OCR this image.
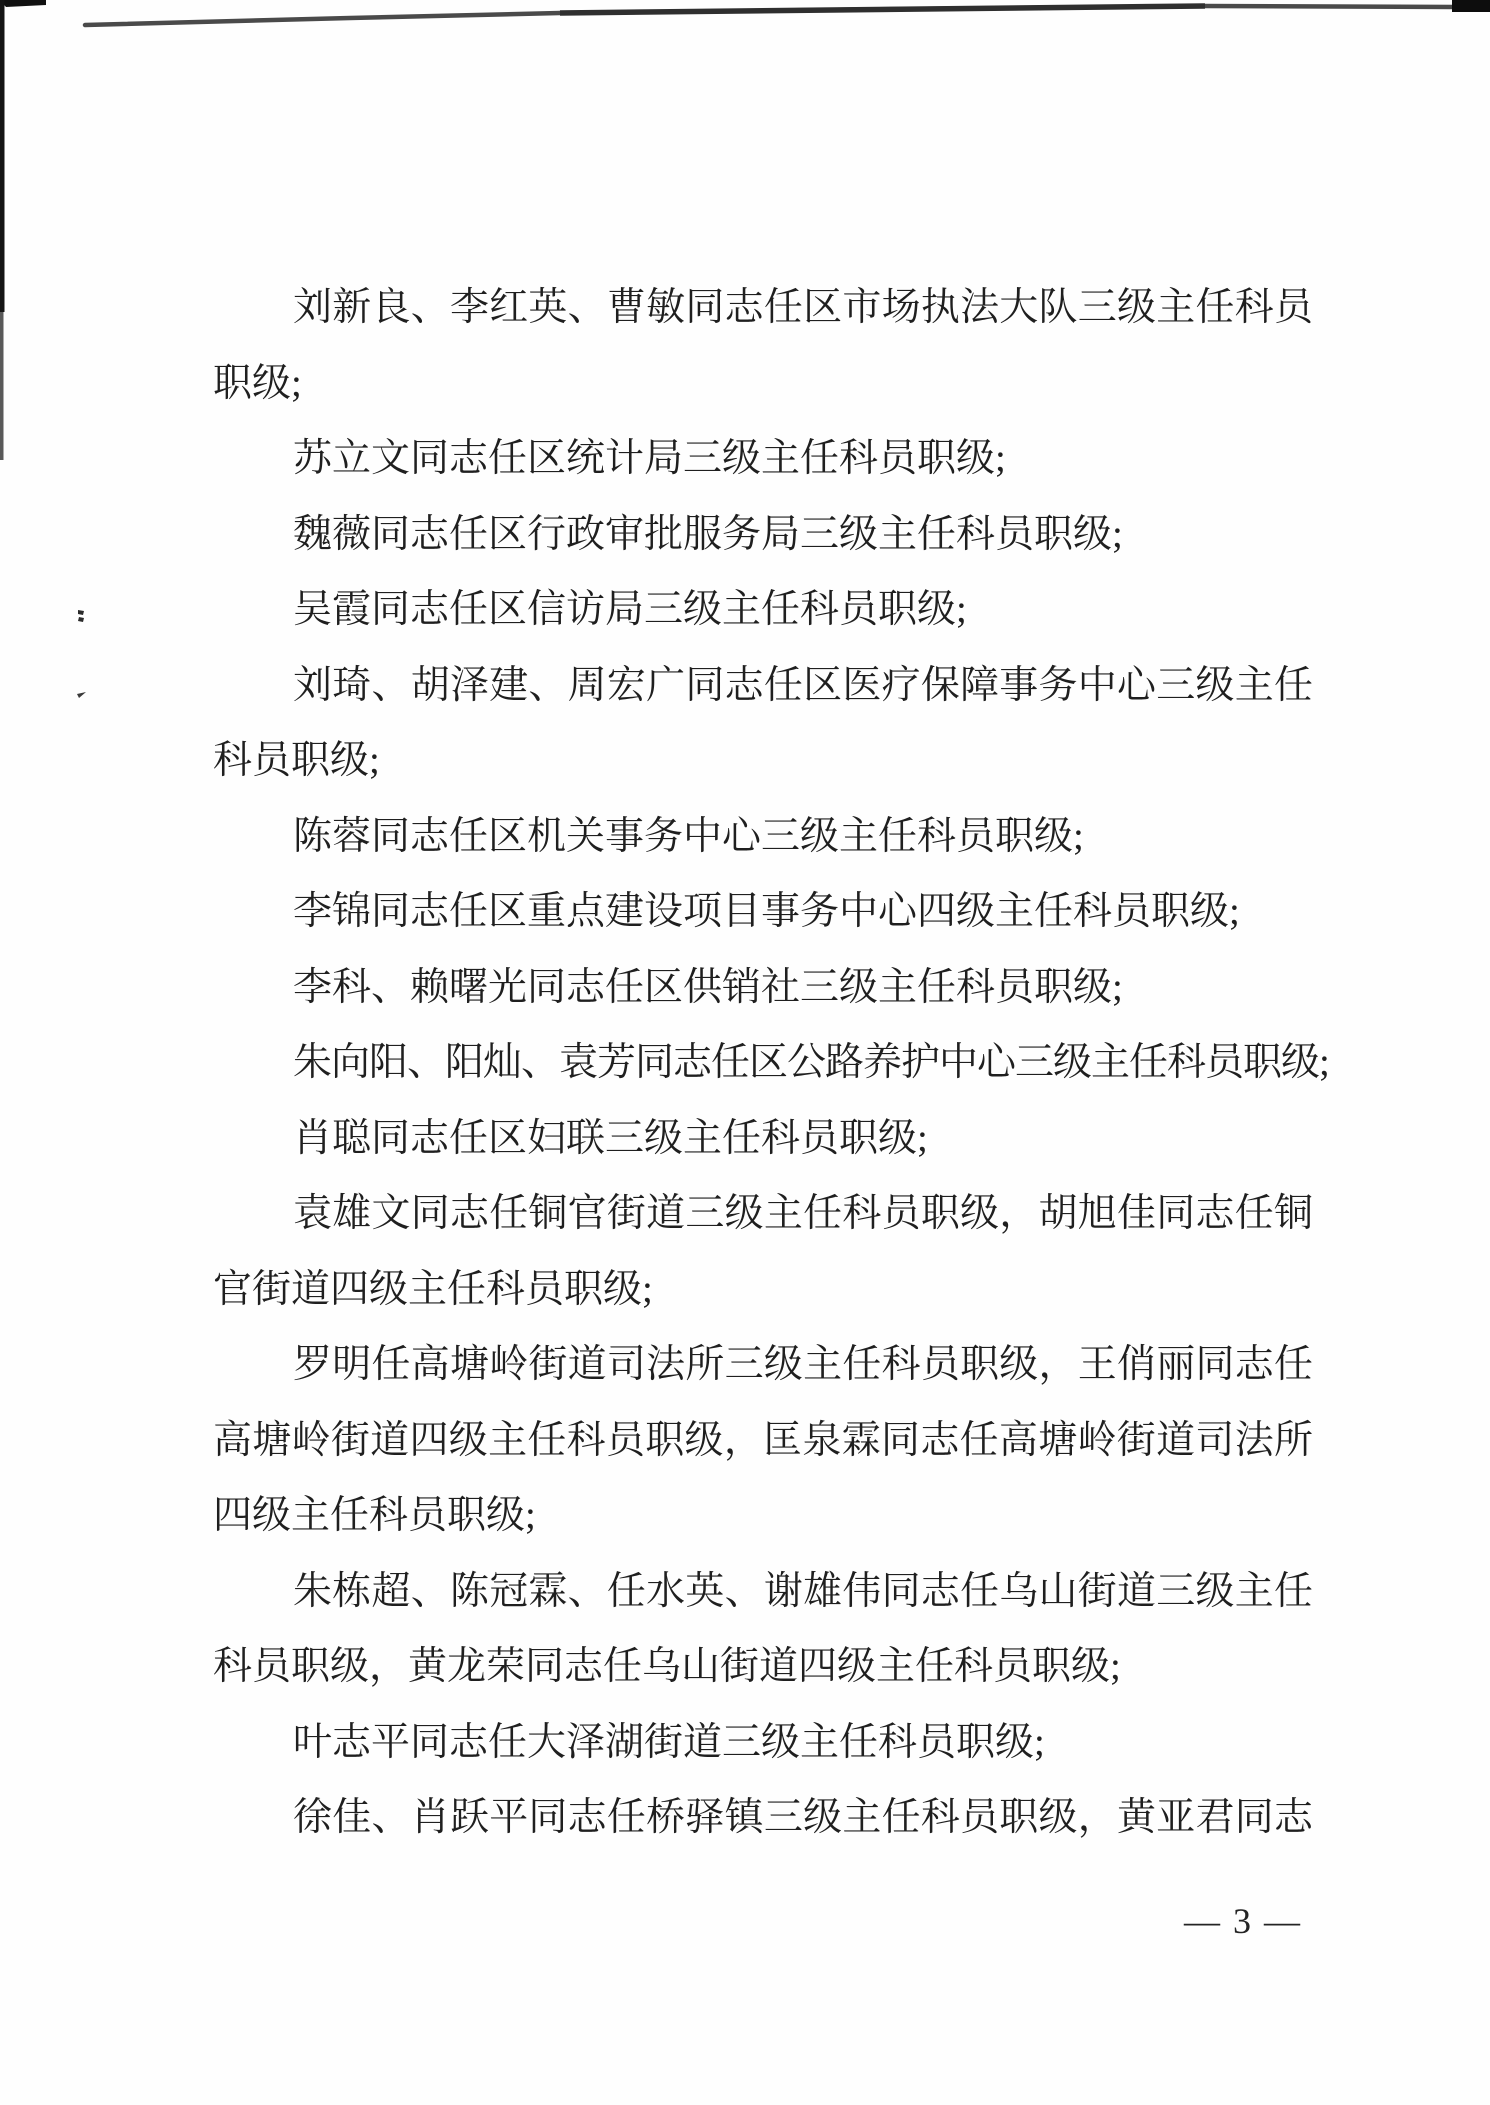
刘新良、李红英、曹敏同志任区市场执法大队三级主任科员
职级;
苏立文同志任区统计局三级主任科员职级;
魏薇同志任区行政审批服务局三级主任科员职级;
吴霞同志任区信访局三级主任科员职级;
刘琦、胡泽建、周宏广同志任区医疗保障事务中心三级主任
科员职级;
陈蓉同志任区机关事务中心三级主任科员职级;
李锦同志任区重点建设项目事务中心四级主任科员职级;
李科、赖曙光同志任区供销社三级主任科员职级;
朱向阳、阳灿、袁芳同志任区公路养护中心三级主任科员职级;
肖聪同志任区妇联三级主任科员职级;
袁雄文同志任铜官街道三级主任科员职级，胡旭佳同志任铜
官街道四级主任科员职级;
罗明任高塘岭街道司法所三级主任科员职级，王俏丽同志任
高塘岭街道四级主任科员职级，匡泉霖同志任高塘岭街道司法所
四级主任科员职级;
朱栋超、陈冠霖、任水英、谢雄伟同志任乌山街道三级主任
科员职级，黄龙荣同志任乌山街道四级主任科员职级;
叶志平同志任大泽湖街道三级主任科员职级;
徐佳、肖跃平同志任桥驿镇三级主任科员职级，黄亚君同志
— 3 —
